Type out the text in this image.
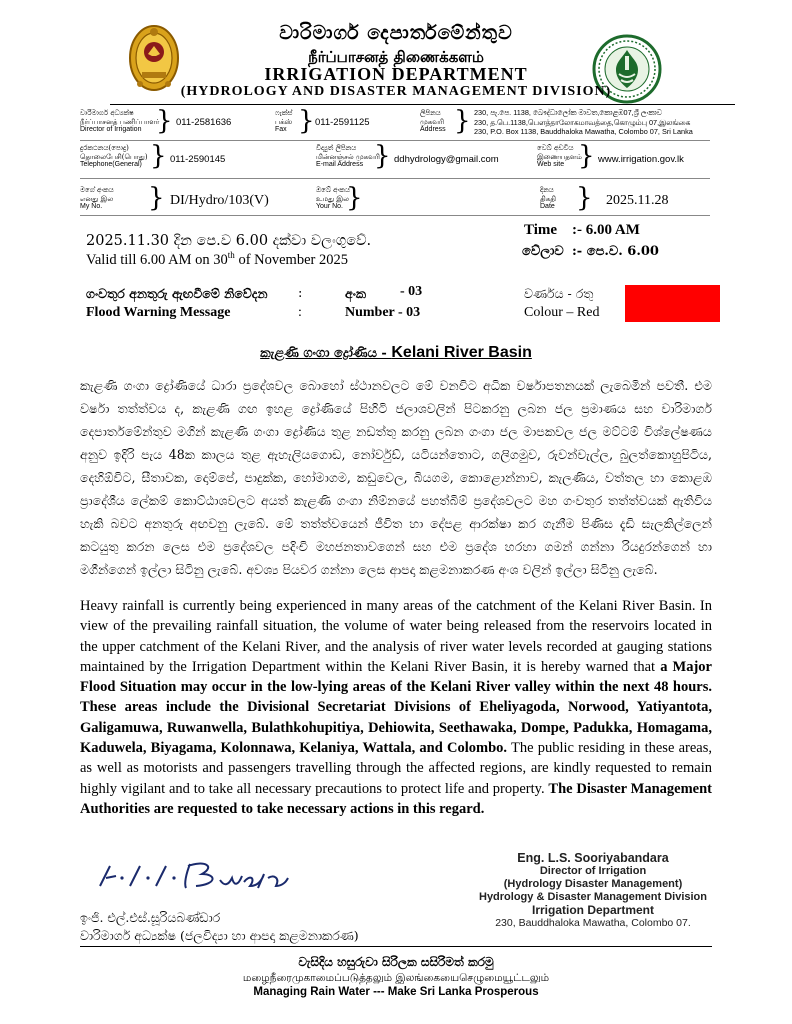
වාරිමාර්ග දෙපාර්තමේන්තුව
நீர்ப்பாசனத் திணைக்களம்
IRRIGATION DEPARTMENT
(HYDROLOGY AND DISASTER MANAGEMENT DIVISION)
වාරිමාර්ග අධ්‍යක්ෂ
நீர்ப்பாசனத் பணிப்பாளர்
Director of Irrigation } 011-2581636
ෆැක්ස්
பக்ஸ்
Fax } 011-2591125
ලිපිනය
முகவரி
Address } 230, පැ.පෙ. 1138, බෞද්ධාලෝක මාවත,කොළඹ07,ශ්‍රී ලංකාව
230, த.பெ.1138,பௌத்தாலோகமாவத்தை,கொழும்பு 07,இலங்கை
230, P.O. Box 1138, Bauddhaloka Mawatha, Colombo 07, Sri Lanka
දුරකථනය(පොදු)
தொலைபேசி(பொது)
Telephone(General) } 011-2590145
විද්‍යුත් ලිපිනය
மின்னஞ்சல் முகவரி
E-mail Address } ddhydrology@gmail.com
වෙබ් අඩවිය
இணையதளம்
Web site } www.irrigation.gov.lk
මගේ අංකය
எனது இல
My No.	} DI/Hydro/103(V)
ඔබේ අංකය
உமது இல
Your No. }	දිනය
திகதி
Date } 2025.11.28
2025.11.30 දින පෙ.ව 6.00 දක්වා වලංගුවේ.
Valid till 6.00 AM on 30th of November 2025
Time :- 6.00 AM
වේලාව :- පෙ.ව. 6.00
ගංවතුර අනතුරු ඇඟවීමේ නිවේදන :	අංක - 03	වර්ණය - රතු
Flood Warning Message	:	Number - 03	Colour – Red
කැළණි ගංගා ද්‍රෝණිය - Kelani River Basin
කැළණි ගංගා ද්‍රෝණියේ ධාරා ප්‍රදේශවල බොහෝ ස්ථානවලට මේ වනවිට අධික වර්ෂාපතනයක් ලැබෙමින් පවතී. එම වර්ෂා තත්ත්වය ද, කැළණි ගඟ ඉහළ ද්‍රෝණියේ පිහිටි ජලාශවලින් පිටකරනු ලබන ජල ප්‍රමාණය සහ වාරිමාර්ග දෙපාර්තමේන්තුව මගින් කැළණි ගංගා ද්‍රෝණිය තුළ නඩත්තු කරනු ලබන ගංගා ජල මාපකවල ජල මට්ටම් විශ්ලේෂණය අනුව ඉදිරි පැය 48ක කාලය තුළ ඇහැලියගොඩ, නෝර්වුඩ්, යටියන්තොට, ගලිගමුව, රුවන්වැල්ල, බුලත්කොහුපිටිය, දෙහිඕවිට, සීතාවක, දොම්පේ, පාදුක්ක, හෝමාගම, කඩුවෙල, බියගම, කොළොන්නාව, කැලණිය, වත්තල හා කොළඹ ප්‍රාදේශීය ලේකම් කොට්ඨාශවලට අයත් කැළණි ගංගා නිම්නයේ පහත්බිම් ප්‍රදේශවලට මහ ගංවතුර තත්ත්වයක් ඇතිවිය හැකි බවට අනතුරු අඟවනු ලැබේ. මේ තත්ත්වයෙන් ජීවිත හා දේපළ ආරක්ෂා කර ගැනීම පිණිස දැඩි සැලකිල්ලෙන් කටයුතු කරන ලෙස එම ප්‍රදේශවල පදිංචි මහජනතාවගෙන් සහ එම ප්‍රදේශ හරහා ගමන් ගන්නා රියදුරන්ගෙන් හා මගීන්ගෙන් ඉල්ලා සිටිනු ලැබේ. අවශ්‍ය පියවර ගන්නා ලෙස ආපදා කළමනාකරණ අංශ වලින් ඉල්ලා සිටිනු ලැබේ.
Heavy rainfall is currently being experienced in many areas of the catchment of the Kelani River Basin. In view of the prevailing rainfall situation, the volume of water being released from the reservoirs located in the upper catchment of the Kelani River, and the analysis of river water levels recorded at gauging stations maintained by the Irrigation Department within the Kelani River Basin, it is hereby warned that a Major Flood Situation may occur in the low-lying areas of the Kelani River valley within the next 48 hours. These areas include the Divisional Secretariat Divisions of Eheliyagoda, Norwood, Yatiyantota, Galigamuwa, Ruwanwella, Bulathkohupitiya, Dehiowita, Seethawaka, Dompe, Padukka, Homagama, Kaduwela, Biyagama, Kolonnawa, Kelaniya, Wattala, and Colombo. The public residing in these areas, as well as motorists and passengers travelling through the affected regions, are kindly requested to remain highly vigilant and to take all necessary precautions to protect life and property. The Disaster Management Authorities are requested to take necessary actions in this regard.
ඉංජි. එල්.එස්.සූරියබණ්ඩාර
වාරිමාර්ග අධ්‍යක්ෂ (ජලවිද්‍යා හා ආපදා කළමනාකරණ)
Eng. L.S. Sooriyabandara
Director of Irrigation
(Hydrology Disaster Management)
Hydrology & Disaster Management Division
Irrigation Department
230, Bauddhaloka Mawatha, Colombo 07.
වැසිදිය හසුරුවා සිරිලක සසිරිමත් කරමු
மழைநீரைமுகாமைப்படுத்தலும் இலங்கையைசெழுமையூட்டலும்
Managing Rain Water --- Make Sri Lanka Prosperous
